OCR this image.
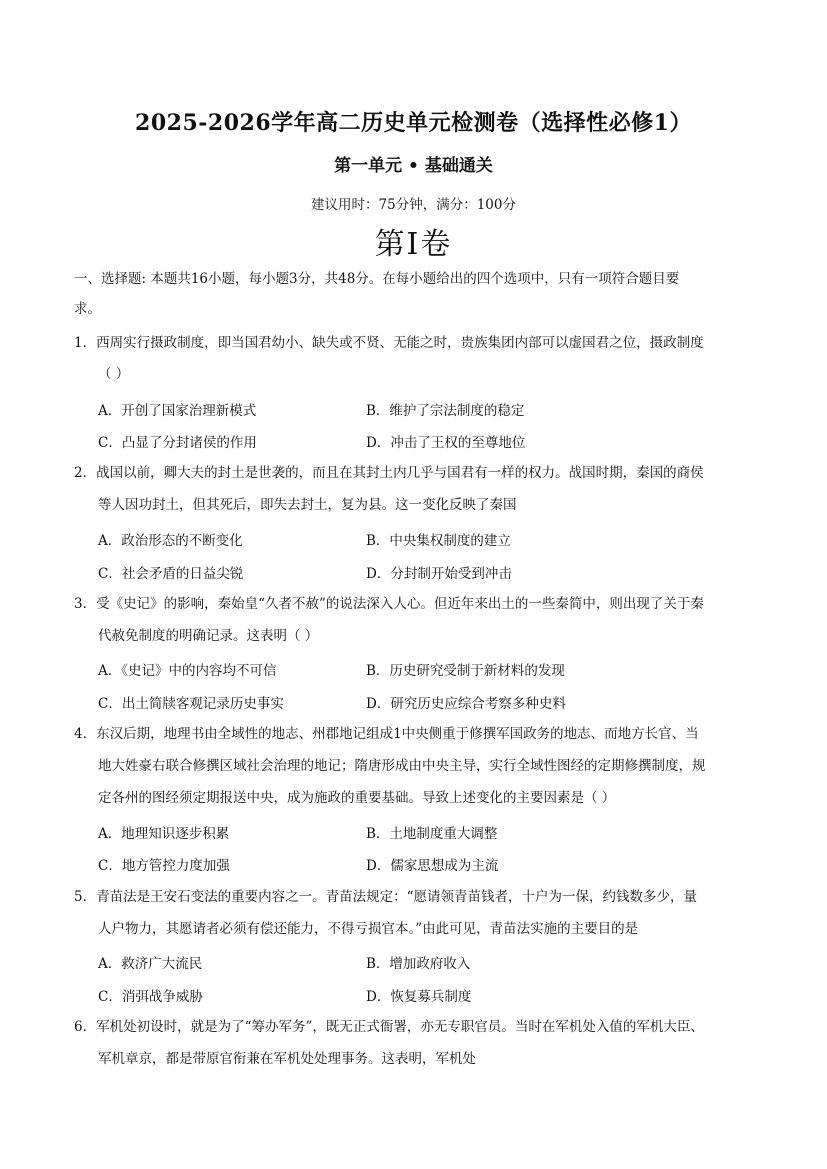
2025-2026学年高二历史单元检测卷（选择性必修1）
第一单元 • 基础通关
建议用时：75分钟，满分：100分
第Ⅰ卷
一、选择题: 本题共16小题，每小题3分，共48分。在每小题给出的四个选项中，只有一项符合题目要
求。
1．西周实行摄政制度，即当国君幼小、缺失或不贤、无能之时，贵族集团内部可以虚国君之位，摄政制度
（ ）
A．开创了国家治理新模式	B．维护了宗法制度的稳定
C．凸显了分封诸侯的作用	D．冲击了王权的至尊地位
2．战国以前，卿大夫的封土是世袭的，而且在其封土内几乎与国君有一样的权力。战国时期，秦国的商侯
等人因功封土，但其死后，即失去封土，复为县。这一变化反映了秦国
A．政治形态的不断变化	B．中央集权制度的建立
C．社会矛盾的日益尖锐	D．分封制开始受到冲击
3．受《史记》的影响，秦始皇“久者不赦”的说法深入人心。但近年来出土的一些秦简中，则出现了关于秦
代赦免制度的明确记录。这表明（ ）
A．《史记》中的内容均不可信	B．历史研究受制于新材料的发现
C．出土简牍客观记录历史事实	D．研究历史应综合考察多种史料
4．东汉后期，地理书由全域性的地志、州郡地记组成1中央侧重于修撰军国政务的地志、而地方长官、当
地大姓豪右联合修撰区域社会治理的地记；隋唐形成由中央主导，实行全域性图经的定期修撰制度，规
定各州的图经须定期报送中央，成为施政的重要基础。导致上述变化的主要因素是（ ）
A．地理知识逐步积累	B．土地制度重大调整
C．地方管控力度加强	D．儒家思想成为主流
5．青苗法是王安石变法的重要内容之一。青苗法规定：“愿请领青苗钱者，十户为一保，约钱数多少，量
人户物力，其愿请者必须有偿还能力，不得亏损官本。”由此可见，青苗法实施的主要目的是
A．救济广大流民	B．增加政府收入
C．消弭战争威胁	D．恢复募兵制度
6．军机处初设时，就是为了“筹办军务”，既无正式衙署，亦无专职官员。当时在军机处入值的军机大臣、
军机章京，都是带原官衔兼在军机处处理事务。这表明，军机处
